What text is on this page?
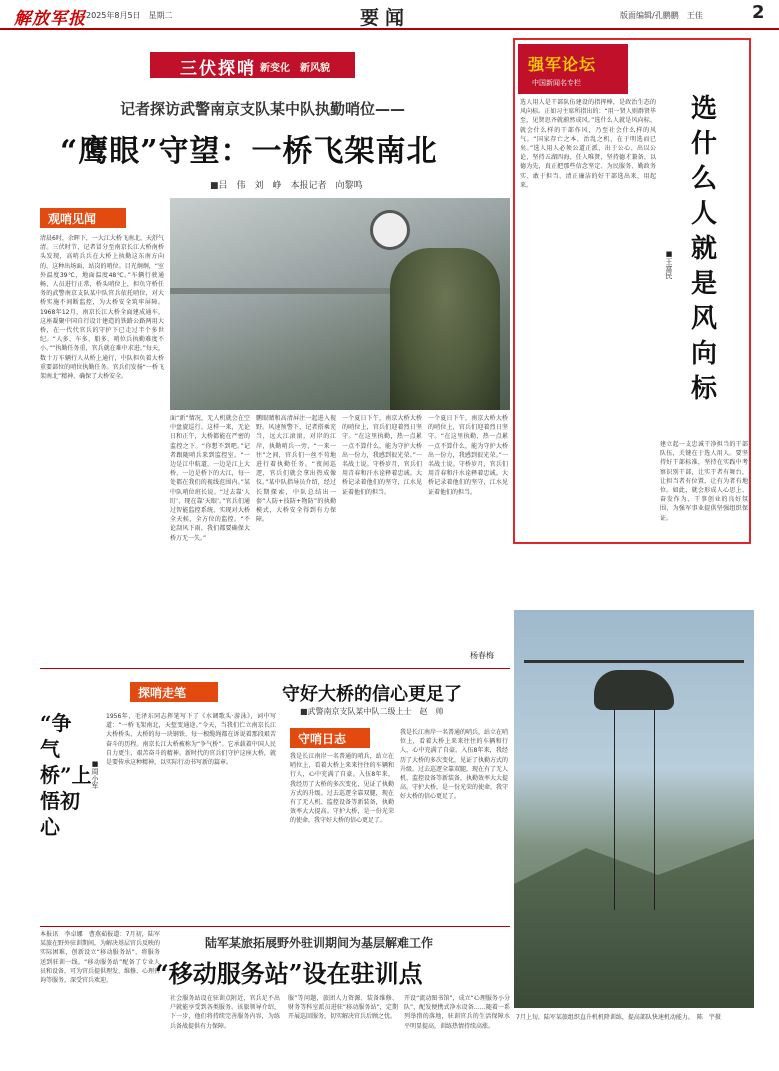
解放军报 2025年8月5日　星期二	要闻	版面编辑/孔鹏鹏　王佳	2
三伏探哨 新变化　新风貌
记者探访武警南京支队某中队执勤哨位——
“鹰眼”守望：一桥飞架南北
■吕　伟　刘　峥　本报记者　向黎鸣
观哨见闻
清晨6时，余晖下，一大江大桥飞南北，天舒气清。三伏时节，记者冒分至南京长江大桥南桥头发现，高哨兵兵在大桥上执勤这东南方向的，这种出场面，站岗的哨位。目光炯炯，“室外温度39℃，地面温度48℃。”车辆行驶通畅，人员进行正常，桥头哨位上，担负守桥任务的武警南京支队某中队官兵依托哨位，对大桥实施不间断监控，为大桥安全筑牢屏障。1968年12月，南京长江大桥全面建成通车，这座凝聚中国自行设计建造的铁路公路两用大桥，在一代代官兵的守护下已走过半个多世纪。“人多、车多、船多，哨位兵执勤难度不小。”“执勤任务重，官兵就在难中求进。”每天，数十万车辆行人从桥上通行，中队担负着大桥重要部位的哨位执勤任务。官兵们发扬“一桥飞架南北”精神，确保了大桥安全。
面“新”情况，无人机就会在空中盘旋巡行。这样一来，无论日和正午，大桥都能在严密的监控之下。“你想不到吧。”记者跟随哨兵来到监控室。“一边是江中航道，一边是江上大桥，一边是桥下的大江，每一处都在我们的视线范围内。”某中队哨位班长说。“过去靠‘人盯’，现在靠‘天眼’。”官兵们通过智能监控系统，实现对大桥全天候、全方位的监控。“不论刮风下雨，我们都要确保大桥万无一失。”
鹏眼睛和高清屏注一起进入视野。风速预警下，记者搭乘充当，远大江滚滚，对岸的江岸，执勤哨兵一旁，“一来一往”之间，官兵们一丝不苟地进行着执勤任务。“夜间巡逻，官兵们就会拿出热成像仪。”某中队指导员介绍，经过长期探索，中队总结出一套“人防+技防+物防”的执勤模式，大桥安全得到有力保障。
一个夏日下午，南京大桥大桥的哨位上，官兵们迎着烈日坚守。“在这里执勤，热一点累一点不算什么，能为守护大桥出一份力，我感到很光荣。”一名战士说。守桥岁月，官兵们用青春和汗水诠释着忠诚。大桥记录着他们的坚守，江水见证着他们的担当。
一个夏日下午，南京大桥大桥的哨位上，官兵们迎着烈日坚守。“在这里执勤，热一点累一点不算什么，能为守护大桥出一份力，我感到很光荣。”一名战士说。守桥岁月，官兵们用青春和汗水诠释着忠诚。大桥记录着他们的坚守，江水见证着他们的担当。
杨春梅
强军论坛
中国新闻名专栏
选什么人就是风向标
■王富民
选人用人是干部队伍建设的指挥棒，是政治生态的风向标。正如习主席所指出的：“用一贤人则群贤毕至，见贤思齐就蔚然成风。”选什么人就是风向标，就会什么样的干部作风，乃至社会什么样的风气。“国家存亡之本，治乱之机，在于明选而已矣。”选人用人必须公道正派，出于公心、出以公论，坚持五湖四海、任人唯贤，坚持德才兼备、以德为先，真正把那些信念坚定、为民服务、勤政务实、敢于担当、清正廉洁的好干部选出来，用起来。
建立起一支忠诚干净担当的干部队伍，关键在于选人用人。要坚持好干部标准，坚持在实践中考察识别干部，让实干者有舞台，让担当者有位置，让有为者有地位。如此，就会形成人心思上、奋发作为、干事创业的良好氛围，为强军事业提供坚强组织保证。
7月上旬，陆军某旅组织直升机机降训练，提高部队快速机动能力。　陈　宇摄
探哨走笔
“争气桥”上悟初心
■周小军
1956年，毛泽东同志挥笔写下了《水调歌头·游泳》，词中写道：“一桥飞架南北，天堑变通途。”今天，当我们伫立南京长江大桥桥头，大桥的每一块钢铁、每一根缆绳都在诉说着那段艰苦奋斗的历程。南京长江大桥被称为“争气桥”。它承载着中国人民自力更生、艰苦奋斗的精神。新时代的官兵们守护这座大桥，就是要传承这种精神，以实际行动书写新的篇章。
守好大桥的信心更足了
■武警南京支队某中队二级上士　赵　帅
守哨日志
我是长江南岸一名普通的哨兵，站立在哨位上，看着大桥上来来往往的车辆和行人，心中充满了自豪。入伍8年来，我经历了大桥的多次变化，见证了执勤方式的升级。过去巡逻全靠双腿，现在有了无人机、监控设备等新装备，执勤效率大大提高。守护大桥，是一份光荣的使命，我守好大桥的信心更足了。
我是长江南岸一名普通的哨兵，站立在哨位上，看着大桥上来来往往的车辆和行人，心中充满了自豪。入伍8年来，我经历了大桥的多次变化，见证了执勤方式的升级。过去巡逻全靠双腿，现在有了无人机、监控设备等新装备，执勤效率大大提高。守护大桥，是一份光荣的使命，我守好大桥的信心更足了。
陆军某旅拓展野外驻训期间为基层解难工作
“移动服务站”设在驻训点
本报讯　李卓娜　曹燕茹报道：7月初，陆军某旅在野外驻训期间，为解决基层官兵反映的实际困难，创新设立“移动服务站”，将服务送到驻训一线。“移动服务站”配备了专业人员和设备，可为官兵提供理发、维修、心理咨询等服务，深受官兵欢迎。
社会服务站设在驻训点附近，官兵足不出户就能享受到各类服务。该旅领导介绍，下一步，他们将持续完善服务内容，为练兵备战提供有力保障。
服”等问题，旅团人力资源、装备维修、财务等科室派员进驻“移动服务站”，定期开展巡回服务，切实解决官兵后顾之忧。
开设“流动图书馆”，成立“心理服务小分队”，配发便携式净水设备……随着一系列举措的落地，驻训官兵的生活保障水平明显提高，训练热情持续高涨。
